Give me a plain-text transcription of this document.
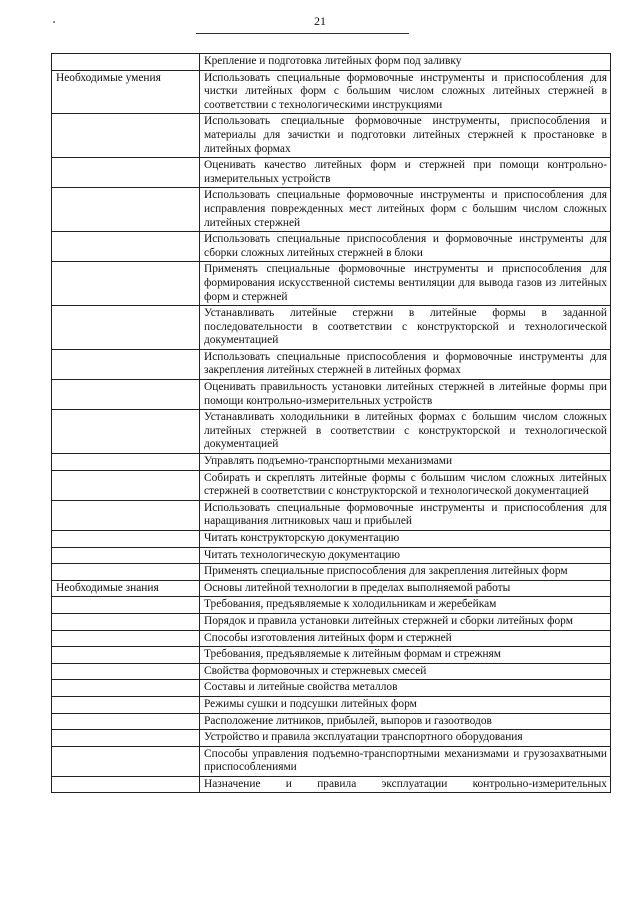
21
	Крепление и подготовка литейных форм под заливку
Необходимые умения	Использовать специальные формовочные инструменты и приспособления для чистки литейных форм с большим числом сложных литейных стержней в соответствии с технологическими инструкциями
	Использовать специальные формовочные инструменты, приспособления и материалы для зачистки и подготовки литейных стержней к простановке в литейных формах
	Оценивать качество литейных форм и стержней при помощи контрольно-измерительных устройств
	Использовать специальные формовочные инструменты и приспособления для исправления поврежденных мест литейных форм с большим числом сложных литейных стержней
	Использовать специальные приспособления и формовочные инструменты для сборки сложных литейных стержней в блоки
	Применять специальные формовочные инструменты и приспособления для формирования искусственной системы вентиляции для вывода газов из литейных форм и стержней
	Устанавливать литейные стержни в литейные формы в заданной последовательности в соответствии с конструкторской и технологической документацией
	Использовать специальные приспособления и формовочные инструменты для закрепления литейных стержней в литейных формах
	Оценивать правильность установки литейных стержней в литейные формы при помощи контрольно-измерительных устройств
	Устанавливать холодильники в литейных формах с большим числом сложных литейных стержней в соответствии с конструкторской и технологической документацией
	Управлять подъемно-транспортными механизмами
	Собирать и скреплять литейные формы с большим числом сложных литейных стержней в соответствии с конструкторской и технологической документацией
	Использовать специальные формовочные инструменты и приспособления для наращивания литниковых чаш и прибылей
	Читать конструкторскую документацию
	Читать технологическую документацию
	Применять специальные приспособления для закрепления литейных форм
Необходимые знания	Основы литейной технологии в пределах выполняемой работы
	Требования, предъявляемые к холодильникам и жеребейкам
	Порядок и правила установки литейных стержней и сборки литейных форм
	Способы изготовления литейных форм и стержней
	Требования, предъявляемые к литейным формам и стрежням
	Свойства формовочных и стержневых смесей
	Составы и литейные свойства металлов
	Режимы сушки и подсушки литейных форм
	Расположение литников, прибылей, выпоров и газоотводов
	Устройство и правила эксплуатации транспортного оборудования
	Способы управления подъемно-транспортными механизмами и грузозахватными приспособлениями

	Назначение и правила эксплуатации контрольно-измерительных
